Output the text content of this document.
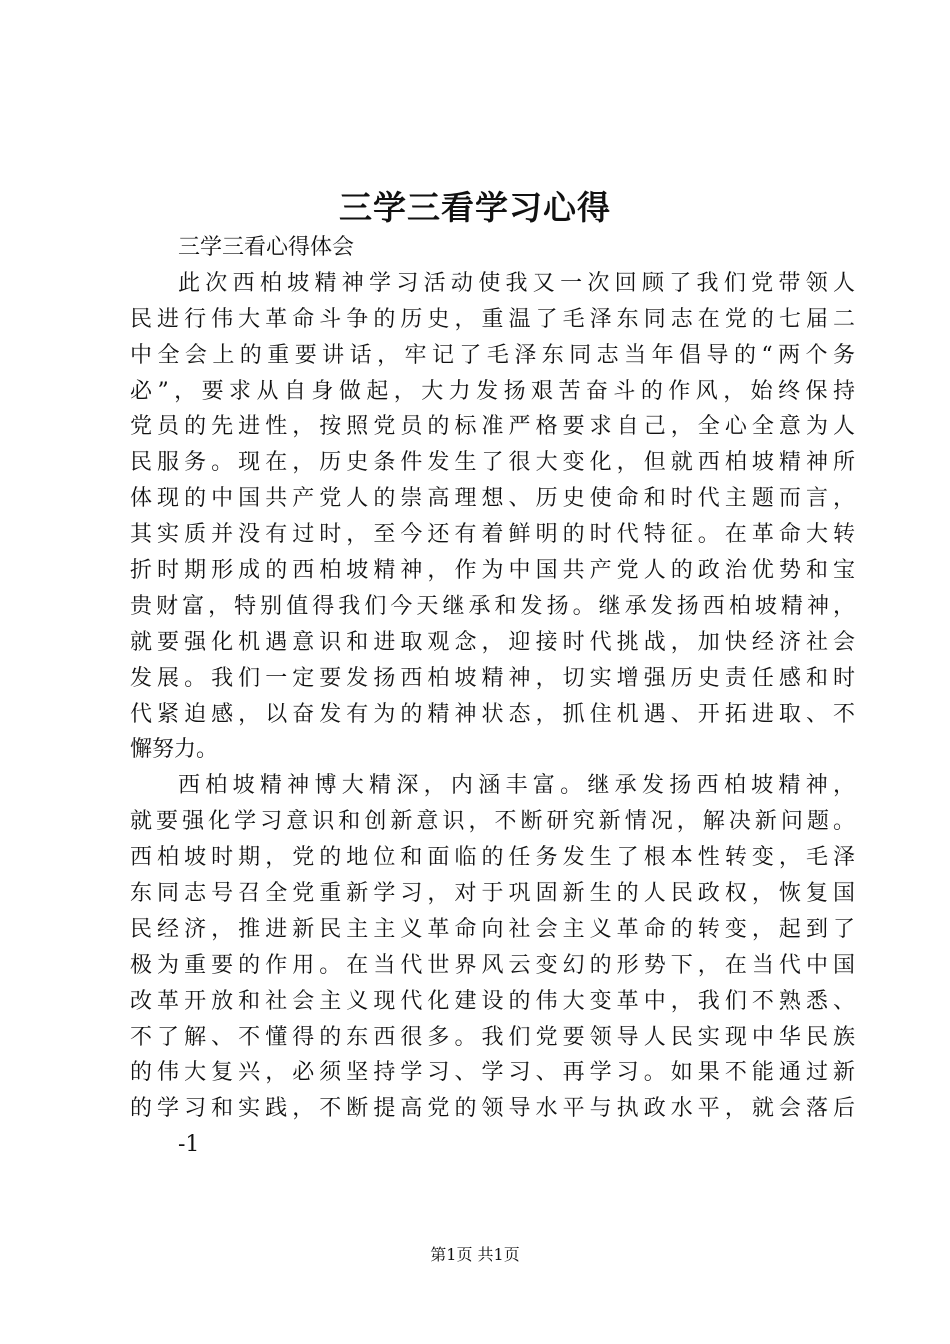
三学三看学习心得
三学三看心得体会
此次西柏坡精神学习活动使我又一次回顾了我们党带领人
民进行伟大革命斗争的历史，重温了毛泽东同志在党的七届二
中全会上的重要讲话，牢记了毛泽东同志当年倡导的“两个务
必”，要求从自身做起，大力发扬艰苦奋斗的作风，始终保持
党员的先进性，按照党员的标准严格要求自己，全心全意为人
民服务。现在，历史条件发生了很大变化，但就西柏坡精神所
体现的中国共产党人的崇高理想、历史使命和时代主题而言，
其实质并没有过时，至今还有着鲜明的时代特征。在革命大转
折时期形成的西柏坡精神，作为中国共产党人的政治优势和宝
贵财富，特别值得我们今天继承和发扬。继承发扬西柏坡精神，
就要强化机遇意识和进取观念，迎接时代挑战，加快经济社会
发展。我们一定要发扬西柏坡精神，切实增强历史责任感和时
代紧迫感，以奋发有为的精神状态，抓住机遇、开拓进取、不
懈努力。
西柏坡精神博大精深，内涵丰富。继承发扬西柏坡精神，
就要强化学习意识和创新意识，不断研究新情况，解决新问题。
西柏坡时期，党的地位和面临的任务发生了根本性转变，毛泽
东同志号召全党重新学习，对于巩固新生的人民政权，恢复国
民经济，推进新民主主义革命向社会主义革命的转变，起到了
极为重要的作用。在当代世界风云变幻的形势下，在当代中国
改革开放和社会主义现代化建设的伟大变革中，我们不熟悉、
不了解、不懂得的东西很多。我们党要领导人民实现中华民族
的伟大复兴，必须坚持学习、学习、再学习。如果不能通过新
的学习和实践，不断提高党的领导水平与执政水平，就会落后
-1
第1页 共1页
